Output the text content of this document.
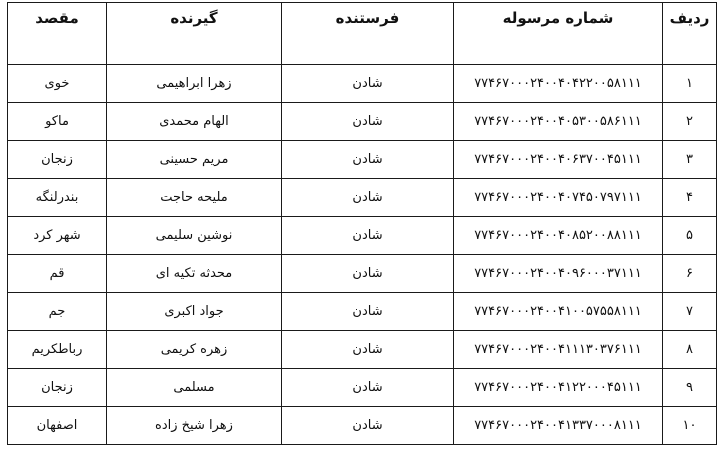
ردیف	شماره مرسوله	فرستنده	گیرنده	مقصد
۱	۷۷۴۶۷۰۰۰۲۴۰۰۴۰۴۲۲۰۰۵۸۱۱۱	شادن	زهرا ابراهیمی	خوی
۲	۷۷۴۶۷۰۰۰۲۴۰۰۴۰۵۳۰۰۵۸۶۱۱۱	شادن	الهام محمدی	ماکو
۳	۷۷۴۶۷۰۰۰۲۴۰۰۴۰۶۳۷۰۰۴۵۱۱۱	شادن	مریم حسینی	زنجان
۴	۷۷۴۶۷۰۰۰۲۴۰۰۴۰۷۴۵۰۷۹۷۱۱۱	شادن	ملیحه حاجت	بندرلنگه
۵	۷۷۴۶۷۰۰۰۲۴۰۰۴۰۸۵۲۰۰۸۸۱۱۱	شادن	نوشین سلیمی	شهر کرد
۶	۷۷۴۶۷۰۰۰۲۴۰۰۴۰۹۶۰۰۰۳۷۱۱۱	شادن	محدثه تکیه ای	قم
۷	۷۷۴۶۷۰۰۰۲۴۰۰۴۱۰۰۵۷۵۵۸۱۱۱	شادن	جواد اکبری	جم
۸	۷۷۴۶۷۰۰۰۲۴۰۰۴۱۱۱۳۰۳۷۶۱۱۱	شادن	زهره کریمی	رباطکریم
۹	۷۷۴۶۷۰۰۰۲۴۰۰۴۱۲۲۰۰۰۴۵۱۱۱	شادن	مسلمی	زنجان
۱۰	۷۷۴۶۷۰۰۰۲۴۰۰۴۱۳۳۷۰۰۰۸۱۱۱	شادن	زهرا شیخ زاده	اصفهان
